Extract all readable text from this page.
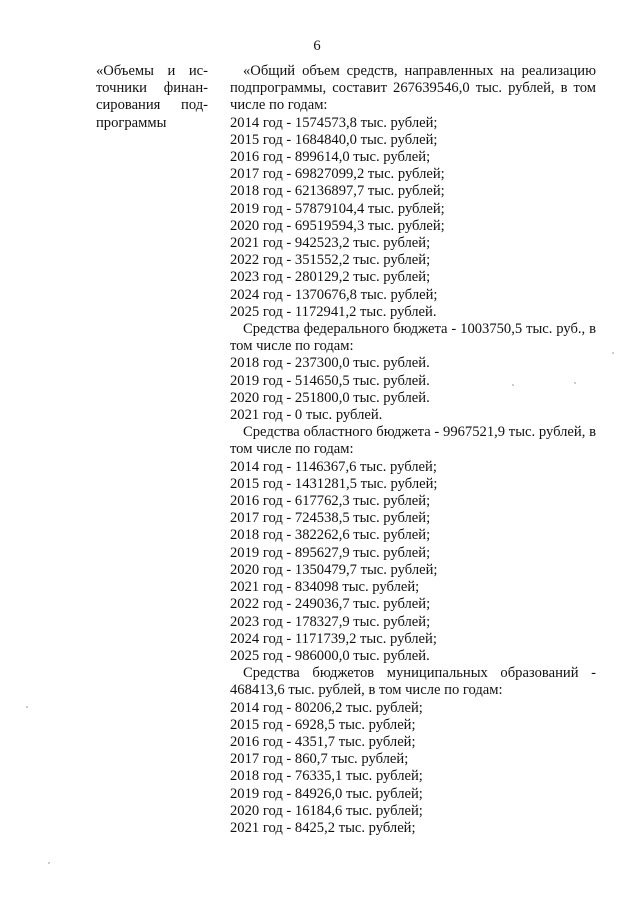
6
«Объемы и ис-
точники финан-
сирования под-
программы

«Общий объем средств, направленных на реализацию подпрограммы, составит 267639546,0 тыс. рублей, в том числе по годам:

2014 год - 1574573,8 тыс. рублей;
2015 год - 1684840,0 тыс. рублей;
2016 год - 899614,0 тыс. рублей;
2017 год - 69827099,2 тыс. рублей;
2018 год - 62136897,7 тыс. рублей;
2019 год - 57879104,4 тыс. рублей;
2020 год - 69519594,3 тыс. рублей;
2021 год - 942523,2 тыс. рублей;
2022 год - 351552,2 тыс. рублей;
2023 год - 280129,2 тыс. рублей;
2024 год - 1370676,8 тыс. рублей;
2025 год - 1172941,2 тыс. рублей.

Средства федерального бюджета - 1003750,5 тыс. руб., в том числе по годам:

2018 год - 237300,0 тыс. рублей.
2019 год - 514650,5 тыс. рублей.
2020 год - 251800,0 тыс. рублей.
2021 год - 0 тыс. рублей.

Средства областного бюджета - 9967521,9 тыс. рублей, в том числе по годам:

2014 год - 1146367,6 тыс. рублей;
2015 год - 1431281,5 тыс. рублей;
2016 год - 617762,3 тыс. рублей;
2017 год - 724538,5 тыс. рублей;
2018 год - 382262,6 тыс. рублей;
2019 год - 895627,9 тыс. рублей;
2020 год - 1350479,7 тыс. рублей;
2021 год - 834098 тыс. рублей;
2022 год - 249036,7 тыс. рублей;
2023 год - 178327,9 тыс. рублей;
2024 год - 1171739,2 тыс. рублей;
2025 год - 986000,0 тыс. рублей.

Средства бюджетов муниципальных образований - 468413,6 тыс. рублей, в том числе по годам:

2014 год - 80206,2 тыс. рублей;
2015 год - 6928,5 тыс. рублей;
2016 год - 4351,7 тыс. рублей;
2017 год - 860,7 тыс. рублей;
2018 год - 76335,1 тыс. рублей;
2019 год - 84926,0 тыс. рублей;
2020 год - 16184,6 тыс. рублей;
2021 год - 8425,2 тыс. рублей;
